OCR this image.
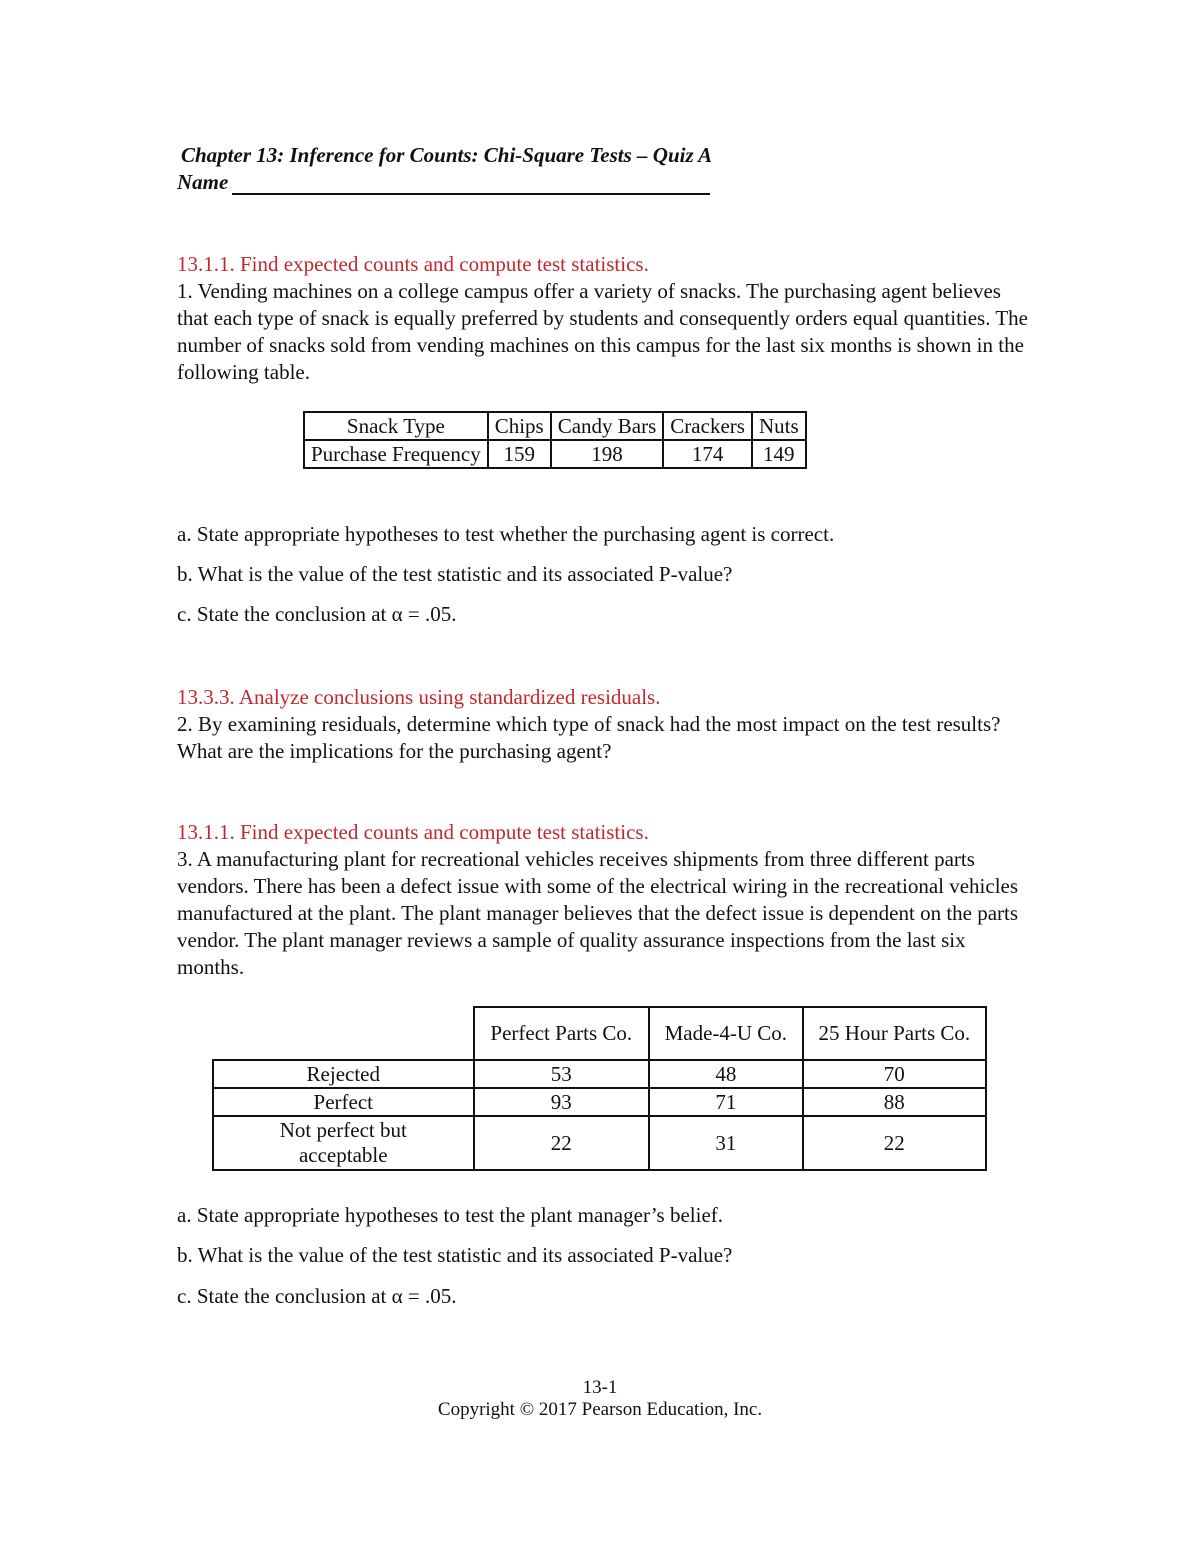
Chapter 13: Inference for Counts: Chi-Square Tests – Quiz A
Name
13.1.1. Find expected counts and compute test statistics.

1. Vending machines on a college campus offer a variety of snacks. The purchasing agent believes that each type of snack is equally preferred by students and consequently orders equal quantities. The number of snacks sold from vending machines on this campus for the last six months is shown in the following table.

Snack Type	Chips	Candy Bars	Crackers	Nuts
Purchase Frequency	159	198	174	149
a. State appropriate hypotheses to test whether the purchasing agent is correct.
b. What is the value of the test statistic and its associated P-value?
c. State the conclusion at α = .05.
13.3.3. Analyze conclusions using standardized residuals.

2. By examining residuals, determine which type of snack had the most impact on the test results? What are the implications for the purchasing agent?

13.1.1. Find expected counts and compute test statistics.

3. A manufacturing plant for recreational vehicles receives shipments from three different parts vendors. There has been a defect issue with some of the electrical wiring in the recreational vehicles manufactured at the plant. The plant manager believes that the defect issue is dependent on the parts vendor. The plant manager reviews a sample of quality assurance inspections from the last six months.

	Perfect Parts Co.	Made-4-U Co.	25 Hour Parts Co.
Rejected	53	48	70
Perfect	93	71	88
Not perfect but acceptable	22	31	22
a. State appropriate hypotheses to test the plant manager’s belief.
b. What is the value of the test statistic and its associated P-value?
c. State the conclusion at α = .05.
13-1
Copyright © 2017 Pearson Education, Inc.
